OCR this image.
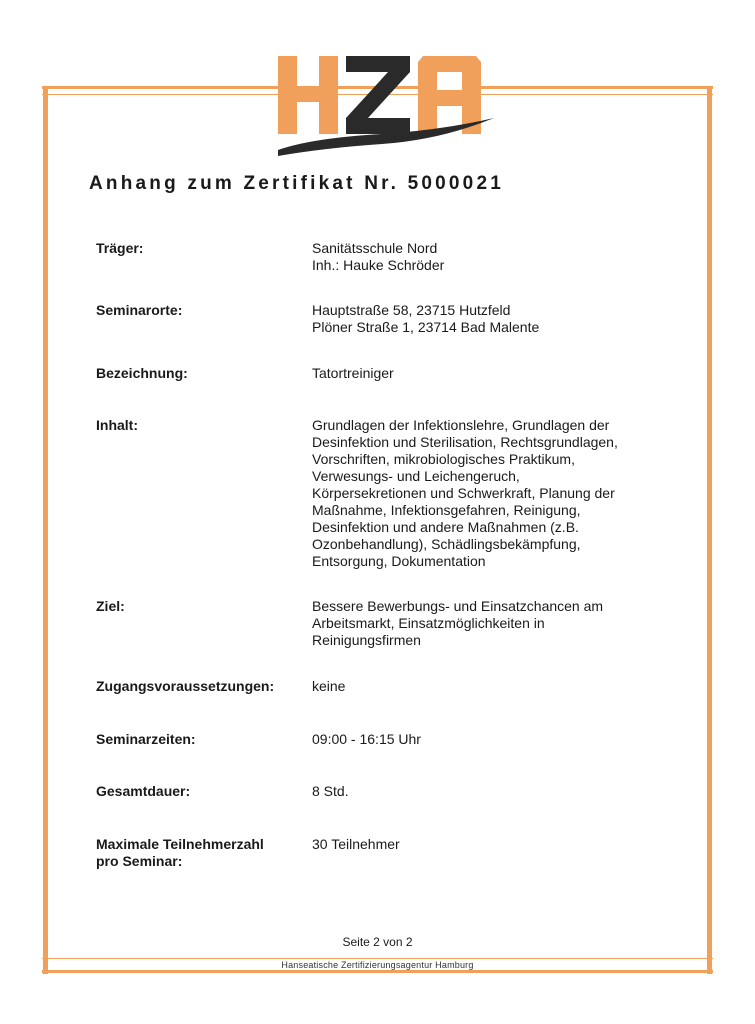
Anhang zum Zertifikat Nr. 5000021
Träger:	Sanitätsschule Nord
Inh.: Hauke Schröder
Seminarorte:	Hauptstraße 58, 23715 Hutzfeld
Plöner Straße 1, 23714 Bad Malente
Bezeichnung:	Tatortreiniger
Inhalt:	Grundlagen der Infektionslehre, Grundlagen der
Desinfektion und Sterilisation, Rechtsgrundlagen,
Vorschriften, mikrobiologisches Praktikum,
Verwesungs- und Leichengeruch,
Körpersekretionen und Schwerkraft, Planung der
Maßnahme, Infektionsgefahren, Reinigung,
Desinfektion und andere Maßnahmen (z.B.
Ozonbehandlung), Schädlingsbekämpfung,
Entsorgung, Dokumentation
Ziel:	Bessere Bewerbungs- und Einsatzchancen am
Arbeitsmarkt, Einsatzmöglichkeiten in
Reinigungsfirmen
Zugangsvoraussetzungen:	keine
Seminarzeiten:	09:00 - 16:15 Uhr
Gesamtdauer:	8 Std.
Maximale Teilnehmerzahl
pro Seminar:
30 Teilnehmer
Seite 2 von 2
Hanseatische Zertifizierungsagentur Hamburg
